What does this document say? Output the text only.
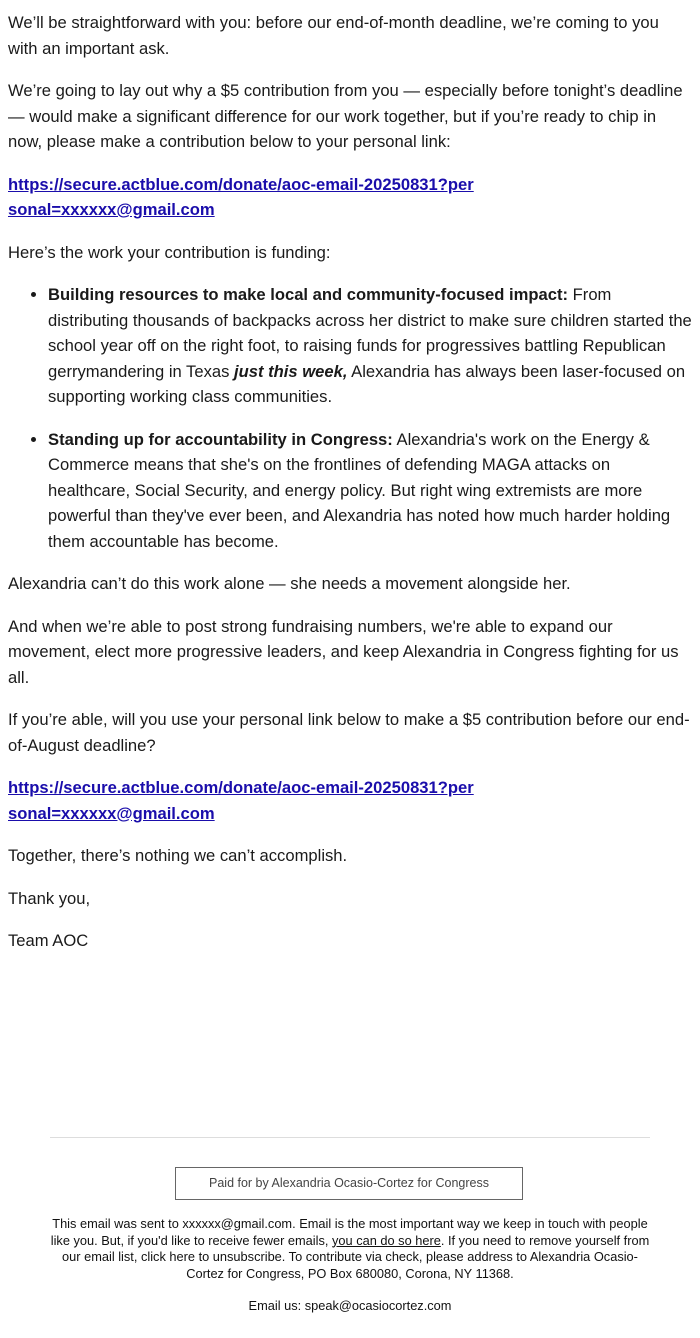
We’ll be straightforward with you: before our end-of-month deadline, we’re coming to you with an important ask.

We’re going to lay out why a $5 contribution from you — especially before tonight’s deadline — would make a significant difference for our work together, but if you’re ready to chip in now, please make a contribution below to your personal link:

https://secure.actblue.com/donate/aoc-email-20250831?personal=xxxxxx@gmail.com

Here’s the work your contribution is funding:

• Building resources to make local and community-focused impact: From distributing thousands of backpacks across her district to make sure children started the school year off on the right foot, to raising funds for progressives battling Republican gerrymandering in Texas just this week, Alexandria has always been laser-focused on supporting working class communities.
• Standing up for accountability in Congress: Alexandria's work on the Energy & Commerce means that she's on the frontlines of defending MAGA attacks on healthcare, Social Security, and energy policy. But right wing extremists are more powerful than they've ever been, and Alexandria has noted how much harder holding them accountable has become.

Alexandria can’t do this work alone — she needs a movement alongside her.

And when we’re able to post strong fundraising numbers, we're able to expand our movement, elect more progressive leaders, and keep Alexandria in Congress fighting for us all.

If you’re able, will you use your personal link below to make a $5 contribution before our end-of-August deadline?

https://secure.actblue.com/donate/aoc-email-20250831?personal=xxxxxx@gmail.com

Together, there’s nothing we can’t accomplish.

Thank you,

Team AOC

Paid for by Alexandria Ocasio-Cortez for Congress

This email was sent to xxxxxx@gmail.com. Email is the most important way we keep in touch with people like you. But, if you'd like to receive fewer emails, you can do so here. If you need to remove yourself from our email list, click here to unsubscribe. To contribute via check, please address to Alexandria Ocasio-Cortez for Congress, PO Box 680080, Corona, NY 11368.

Email us: speak@ocasiocortez.com
